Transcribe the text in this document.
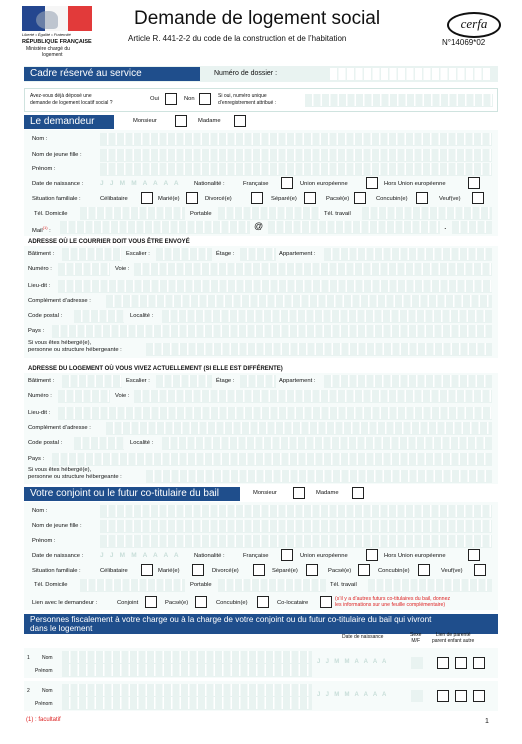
Liberté • Égalité • Fraternité
RÉPUBLIQUE FRANÇAISE
Ministère chargé du
logement
Demande de logement social
Article R. 441-2-2 du code de la construction et de l’habitation
cerfa
N°14069*02
Cadre réservé au service	Numéro de dossier :
Avez-vous déjà déposé une
demande de logement locatif social ?
Oui	Non	Si oui, numéro unique
d’enregistrement attribué :
Le demandeur	Monsieur	Madame
Nom :
Nom de jeune fille :
Prénom :
Date de naissance :	J J M M A A A A Nationalité :	Française	Union européenne	Hors Union européenne
Situation familiale :	Célibataire	Marié(e)	Divorcé(e)	Séparé(e)	Pacsé(e)	Concubin(e)	Veuf(ve)
Tél. Domicile	Portable	Tél. travail
Mail$^{(1)}$ :	@	.
ADRESSE OÙ LE COURRIER DOIT VOUS ÊTRE ENVOYÉ
Bâtiment :	Escalier :	Étage :	Appartement :
Numéro :	Voie :
Lieu-dit :
Complément d’adresse :
Code postal :	Localité :
Pays :
Si vous êtes hébergé(e),
personne ou structure hébergeante :
ADRESSE DU LOGEMENT OÙ VOUS VIVEZ ACTUELLEMENT (SI ELLE EST DIFFÉRENTE)
Bâtiment :	Escalier :	Étage :	Appartement :
Numéro :	Voie :
Lieu-dit :
Complément d’adresse :
Code postal :	Localité :
Pays :
Si vous êtes hébergé(e),
personne ou structure hébergeante :
Votre conjoint ou le futur co-titulaire du bail	Monsieur	Madame
Nom :
Nom de jeune fille :
Prénom :
Date de naissance :	J J M M A A A A Nationalité :	Française	Union européenne	Hors Union européenne
Situation familiale :	Célibataire	Marié(e)	Divorcé(e)	Séparé(e)	Pacsé(e)	Concubin(e)	Veuf(ve)
Tél. Domicile	Portable	Tél. travail
Lien avec le demandeur :	Conjoint	Pacsé(e)	Concubin(e)	Co-locataire
(s’il y a d’autres futurs co-titulaires du bail, donnez
les informations sur une feuille complémentaire)
Personnes fiscalement à votre charge ou à la charge de votre conjoint ou du futur co-titulaire du bail qui vivront
dans le logement
Date de naissance	Sexe
M/F
Lien de parenté
parent enfant autre
1 Nom
Prénom
J J M M A A A A
2 Nom
Prénom
J J M M A A A A
(1) : facultatif	1
